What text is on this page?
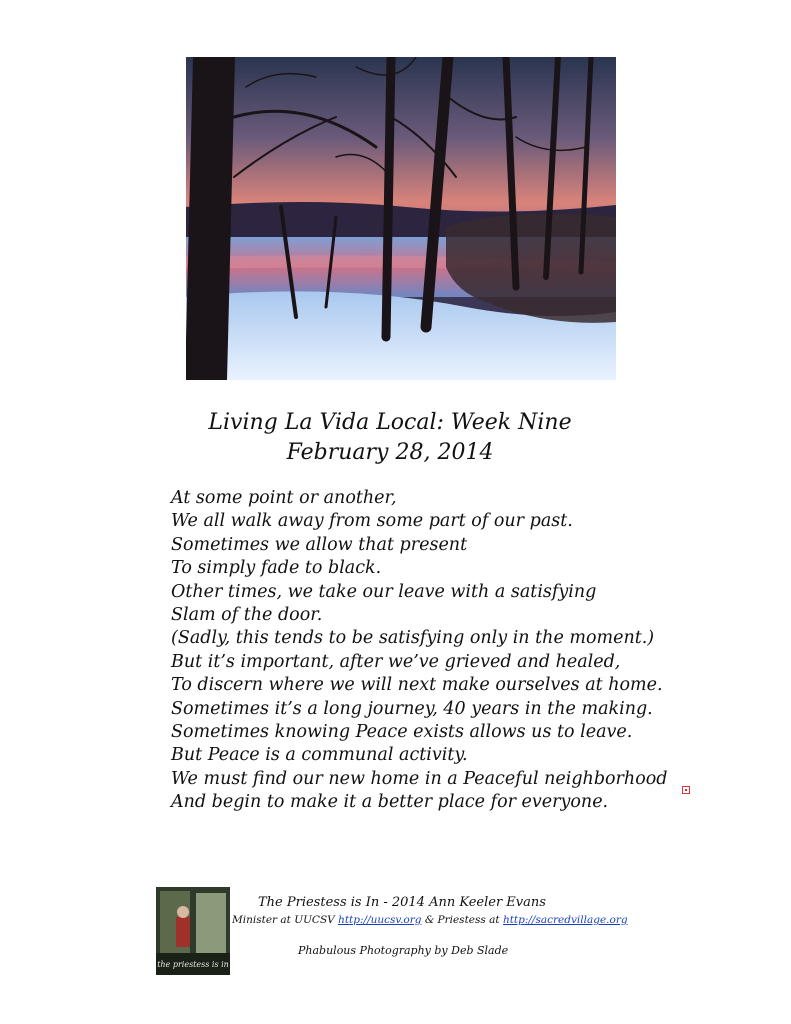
Living La Vida Local: Week Nine
February 28, 2014
At some point or another,
We all walk away from some part of our past.
Sometimes we allow that present
To simply fade to black.
Other times, we take our leave with a satisfying
Slam of the door.
(Sadly, this tends to be satisfying only in the moment.)
But it’s important, after we’ve grieved and healed,
To discern where we will next make ourselves at home.
Sometimes it’s a long journey, 40 years in the making.
Sometimes knowing Peace exists allows us to leave.
But Peace is a communal activity.
We must find our new home in a Peaceful neighborhood
And begin to make it a better place for everyone.
the priestess is in
The Priestess is In - 2014 Ann Keeler Evans
Minister at UUCSV http://uucsv.org & Priestess at http://sacredvillage.org
Phabulous Photography by Deb Slade
